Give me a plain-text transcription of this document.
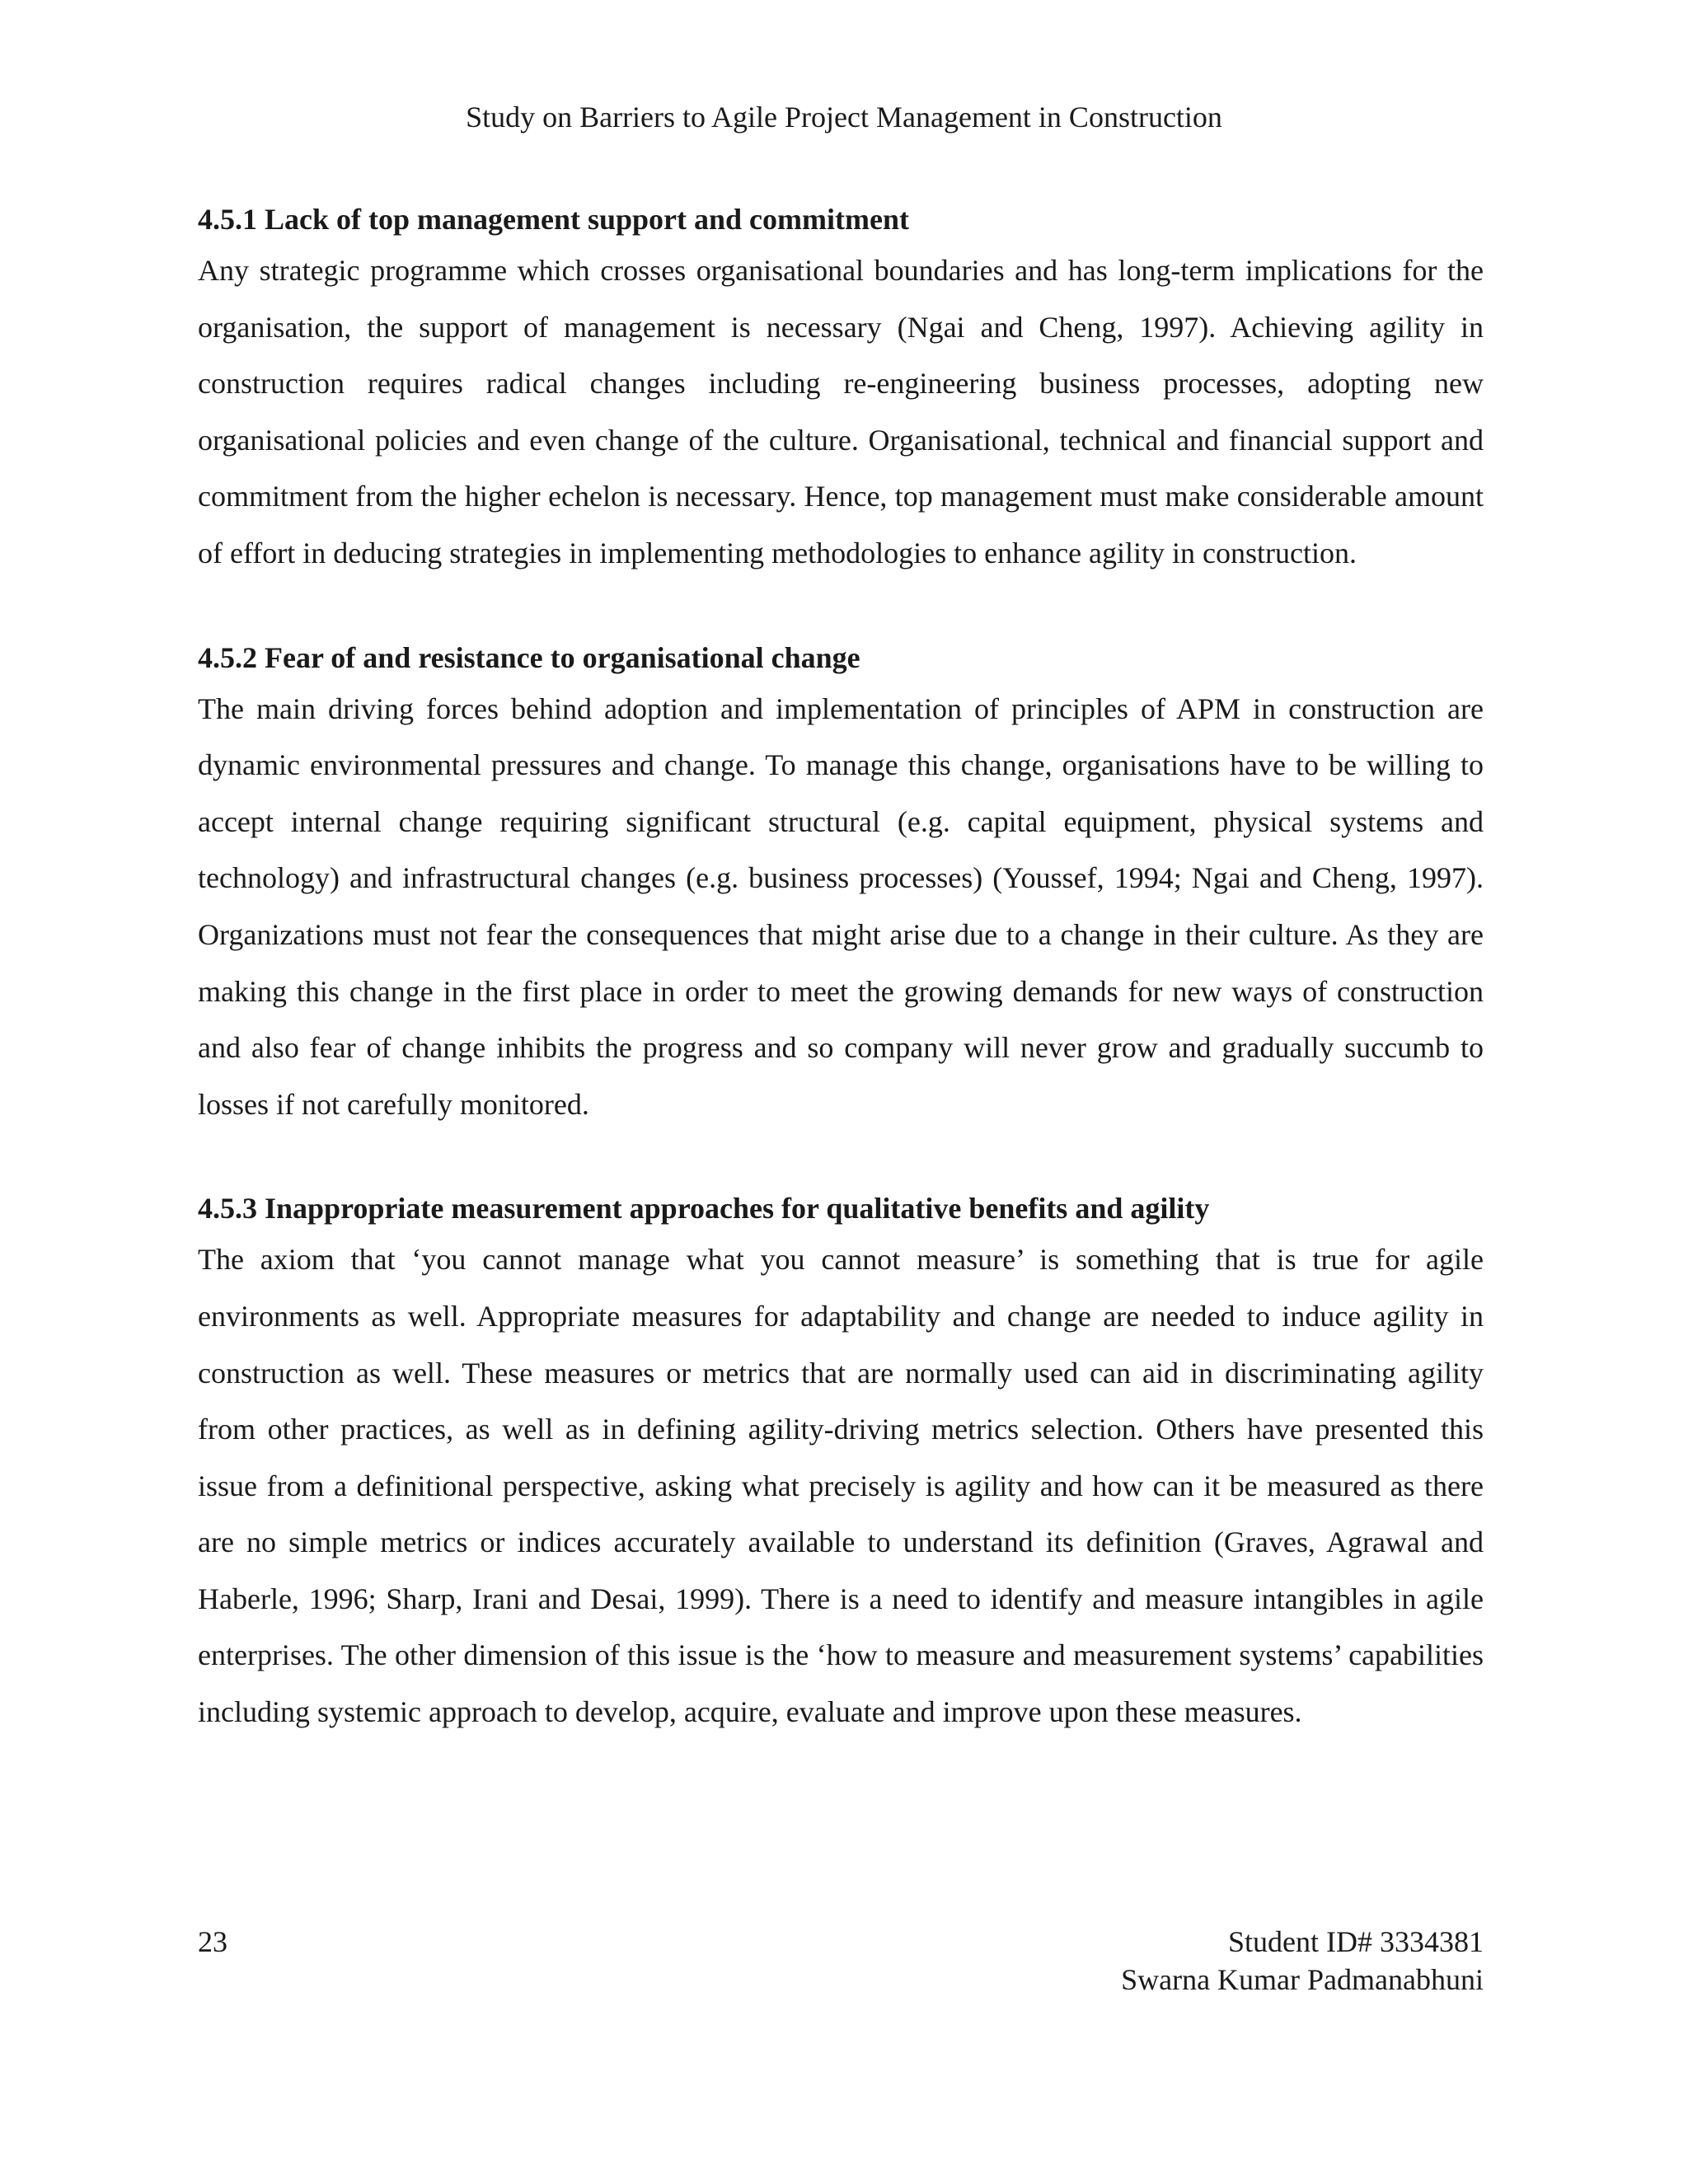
Study on Barriers to Agile Project Management in Construction
4.5.1 Lack of top management support and commitment

Any strategic programme which crosses organisational boundaries and has long-term implications for the organisation, the support of management is necessary (Ngai and Cheng, 1997). Achieving agility in construction requires radical changes including re-engineering business processes, adopting new organisational policies and even change of the culture. Organisational, technical and financial support and commitment from the higher echelon is necessary. Hence, top management must make considerable amount of effort in deducing strategies in implementing methodologies to enhance agility in construction.

4.5.2 Fear of and resistance to organisational change

The main driving forces behind adoption and implementation of principles of APM in construction are dynamic environmental pressures and change. To manage this change, organisations have to be willing to accept internal change requiring significant structural (e.g. capital equipment, physical systems and technology) and infrastructural changes (e.g. business processes) (Youssef, 1994; Ngai and Cheng, 1997). Organizations must not fear the consequences that might arise due to a change in their culture. As they are making this change in the first place in order to meet the growing demands for new ways of construction and also fear of change inhibits the progress and so company will never grow and gradually succumb to losses if not carefully monitored.

4.5.3 Inappropriate measurement approaches for qualitative benefits and agility

The axiom that ‘you cannot manage what you cannot measure’ is something that is true for agile environments as well. Appropriate measures for adaptability and change are needed to induce agility in construction as well. These measures or metrics that are normally used can aid in discriminating agility from other practices, as well as in defining agility-driving metrics selection. Others have presented this issue from a definitional perspective, asking what precisely is agility and how can it be measured as there are no simple metrics or indices accurately available to understand its definition (Graves, Agrawal and Haberle, 1996; Sharp, Irani and Desai, 1999). There is a need to identify and measure intangibles in agile enterprises. The other dimension of this issue is the ‘how to measure and measurement systems’ capabilities including systemic approach to develop, acquire, evaluate and improve upon these measures.

23	Student ID# 3334381
Swarna Kumar Padmanabhuni
